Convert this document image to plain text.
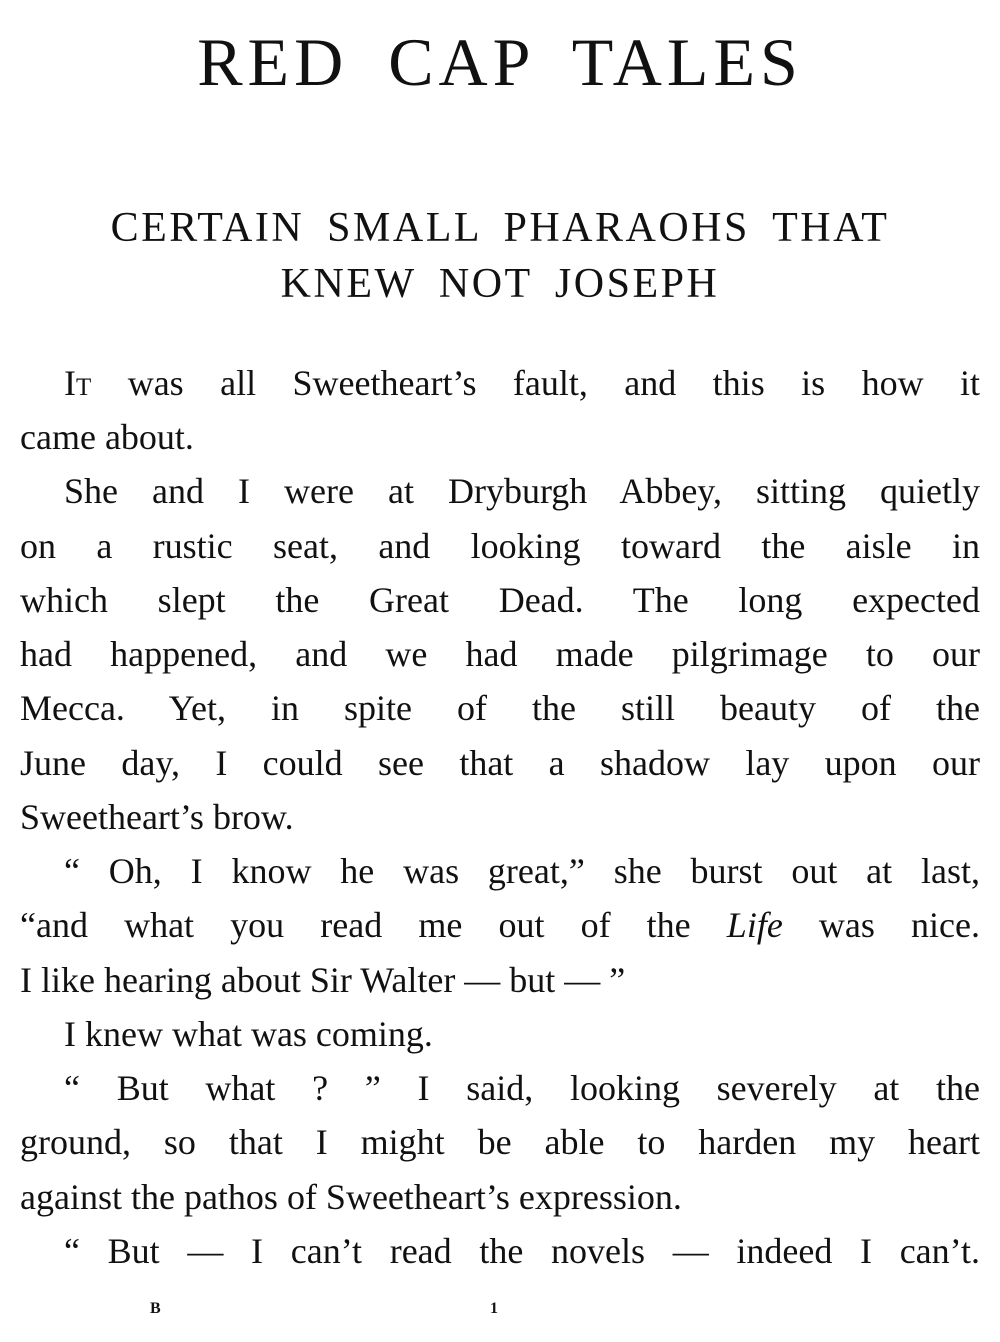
RED CAP TALES
CERTAIN SMALL PHARAOHS THAT
KNEW NOT JOSEPH
It was all Sweetheart’s fault, and this is how it
came about.
She and I were at Dryburgh Abbey, sitting quietly
on a rustic seat, and looking toward the aisle in
which slept the Great Dead. The long expected
had happened, and we had made pilgrimage to our
Mecca. Yet, in spite of the still beauty of the
June day, I could see that a shadow lay upon our
Sweetheart’s brow.
“ Oh, I know he was great,” she burst out at last,
“and what you read me out of the Life was nice.
I like hearing about Sir Walter — but — ”
I knew what was coming.
“ But what ? ” I said, looking severely at the
ground, so that I might be able to harden my heart
against the pathos of Sweetheart’s expression.
“ But — I can’t read the novels — indeed I can’t.
B	1
